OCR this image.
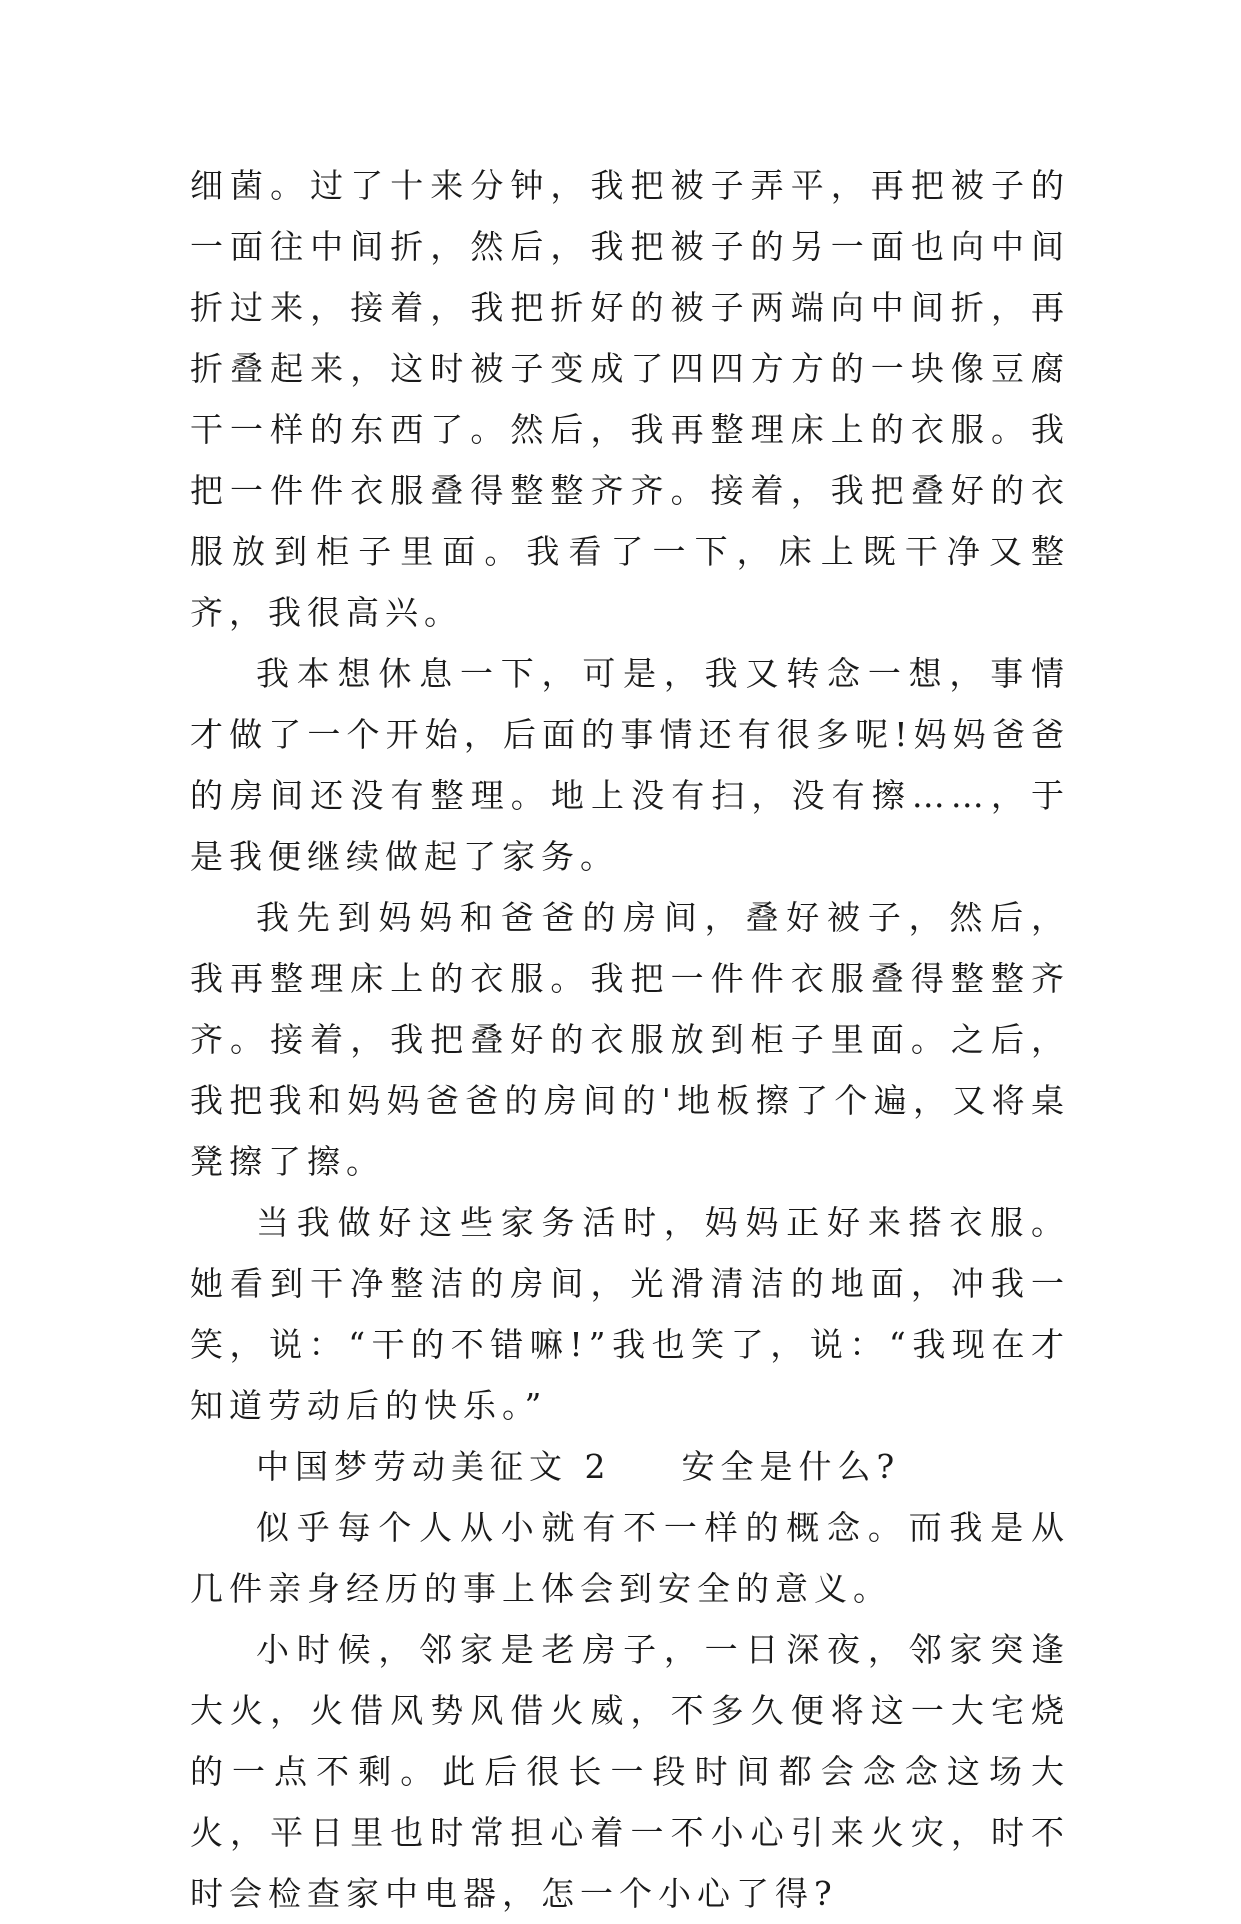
细菌。过了十来分钟，我把被子弄平，再把被子的一面往中间折，然后，我把被子的另一面也向中间折过来，接着，我把折好的被子两端向中间折，再折叠起来，这时被子变成了四四方方的一块像豆腐干一样的东西了。然后，我再整理床上的衣服。我把一件件衣服叠得整整齐齐。接着，我把叠好的衣服放到柜子里面。我看了一下，床上既干净又整齐，我很高兴。

我本想休息一下，可是，我又转念一想，事情才做了一个开始，后面的事情还有很多呢!妈妈爸爸的房间还没有整理。地上没有扫，没有擦……，于是我便继续做起了家务。

我先到妈妈和爸爸的房间，叠好被子，然后，我再整理床上的衣服。我把一件件衣服叠得整整齐齐。接着，我把叠好的衣服放到柜子里面。之后，我把我和妈妈爸爸的房间的'地板擦了个遍，又将桌凳擦了擦。

当我做好这些家务活时，妈妈正好来搭衣服。她看到干净整洁的房间，光滑清洁的地面，冲我一笑，说：“干的不错嘛!”我也笑了，说：“我现在才知道劳动后的快乐。”

中国梦劳动美征文 2 安全是什么?

似乎每个人从小就有不一样的概念。而我是从几件亲身经历的事上体会到安全的意义。

小时候，邻家是老房子，一日深夜，邻家突逢大火，火借风势风借火威，不多久便将这一大宅烧的一点不剩。此后很长一段时间都会念念这场大火，平日里也时常担心着一不小心引来火灾，时不时会检查家中电器，怎一个小心了得?
